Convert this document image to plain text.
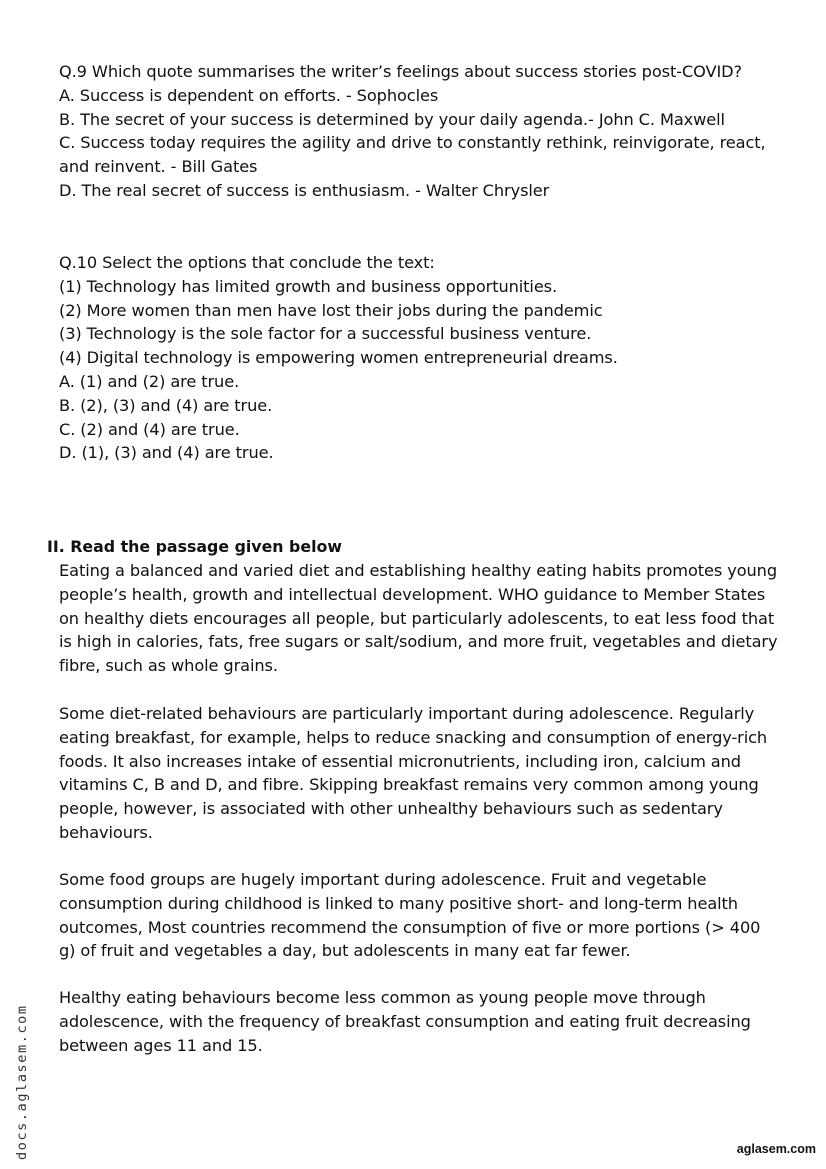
Q.9 Which quote summarises the writer’s feelings about success stories post-COVID?
A. Success is dependent on efforts. - Sophocles
B. The secret of your success is determined by your daily agenda.- John C. Maxwell
C. Success today requires the agility and drive to constantly rethink, reinvigorate, react,
and reinvent. - Bill Gates
D. The real secret of success is enthusiasm. - Walter Chrysler
Q.10 Select the options that conclude the text:
(1) Technology has limited growth and business opportunities.
(2) More women than men have lost their jobs during the pandemic
(3) Technology is the sole factor for a successful business venture.
(4) Digital technology is empowering women entrepreneurial dreams.
A. (1) and (2) are true.
B. (2), (3) and (4) are true.
C. (2) and (4) are true.
D. (1), (3) and (4) are true.
II. Read the passage given below
Eating a balanced and varied diet and establishing healthy eating habits promotes young
people’s health, growth and intellectual development. WHO guidance to Member States
on healthy diets encourages all people, but particularly adolescents, to eat less food that
is high in calories, fats, free sugars or salt/sodium, and more fruit, vegetables and dietary
fibre, such as whole grains.
Some diet-related behaviours are particularly important during adolescence. Regularly
eating breakfast, for example, helps to reduce snacking and consumption of energy-rich
foods. It also increases intake of essential micronutrients, including iron, calcium and
vitamins C, B and D, and fibre. Skipping breakfast remains very common among young
people, however, is associated with other unhealthy behaviours such as sedentary
behaviours.
Some food groups are hugely important during adolescence. Fruit and vegetable
consumption during childhood is linked to many positive short- and long-term health
outcomes, Most countries recommend the consumption of five or more portions (> 400
g) of fruit and vegetables a day, but adolescents in many eat far fewer.
Healthy eating behaviours become less common as young people move through
adolescence, with the frequency of breakfast consumption and eating fruit decreasing
between ages 11 and 15.
docs.aglasem.com	aglasem.com
